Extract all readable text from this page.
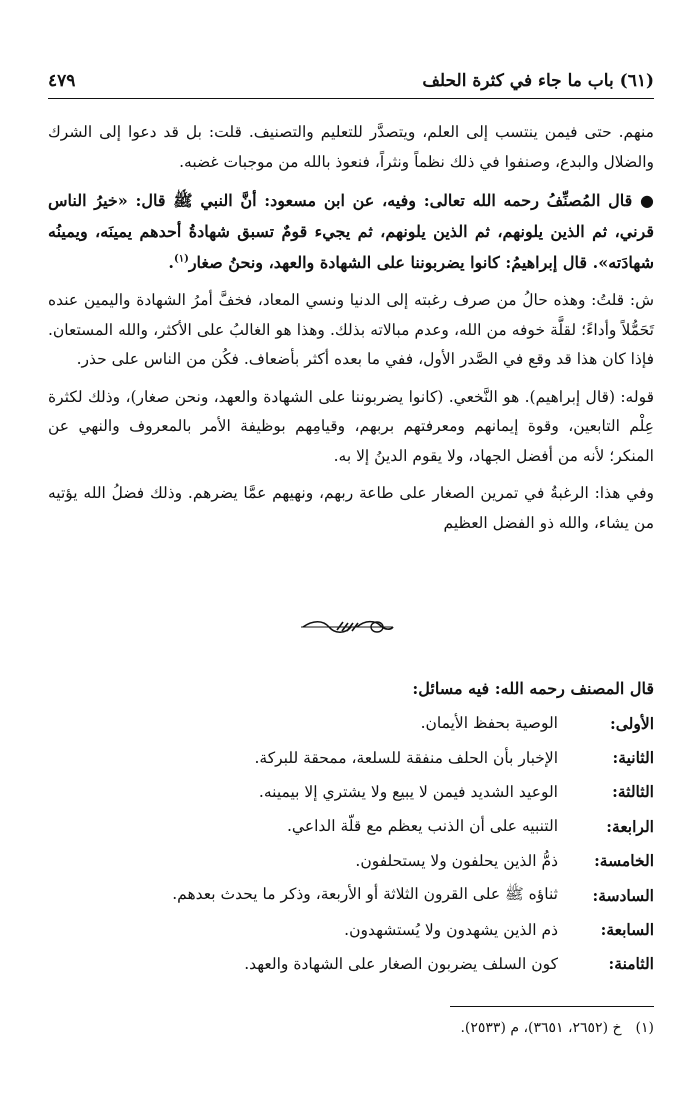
(٦١) باب ما جاء في كثرة الحلف
٤٧٩

منهم. حتى فيمن ينتسب إلى العلم، ويتصدَّر للتعليم والتصنيف. قلت: بل قد دعوا إلى الشرك والضلال والبدع، وصنفوا في ذلك نظماً ونثراً، فنعوذ بالله من موجبات غضبه.

● قال المُصنِّفُ رحمه الله تعالى: وفيه، عن ابن مسعود: أنَّ النبي ﷺ قال: «خيرُ الناس قرني، ثم الذين يلونهم، ثم الذين يلونهم، ثم يجيء قومٌ تسبق شهادةُ أحدهم يمينَه، ويمينُه شهادَته». قال إبراهيمُ: كانوا يضربوننا على الشهادة والعهد، ونحنُ صغار$^{(١)}$.

ش: قلتُ: وهذه حالُ من صرف رغبته إلى الدنيا ونسي المعاد، فخفَّ أمرُ الشهادة واليمين عنده تَحَمُّلاً وأداءً؛ لقلَّة خوفه من الله، وعدم مبالاته بذلك. وهذا هو الغالبُ على الأكثر، والله المستعان. فإذا كان هذا قد وقع في الصَّدر الأول، ففي ما بعده أكثر بأضعاف. فكُن من الناس على حذر.

قوله: (قال إبراهيم). هو النَّخعي. (كانوا يضربوننا على الشهادة والعهد، ونحن صغار)، وذلك لكثرة عِلْم التابعين، وقوة إيمانهم ومعرفتهم بربهم، وقيامِهم بوظيفة الأمر بالمعروف والنهي عن المنكر؛ لأنه من أفضل الجهاد، ولا يقوم الدينُ إلا به.

وفي هذا: الرغبةُ في تمرين الصغار على طاعة ربهم، ونهيهم عمَّا يضرهم. وذلك فضلُ الله يؤتيه من يشاء، والله ذو الفضل العظيم

قال المصنف رحمه الله: فيه مسائل:
الأولى:
الوصية بحفظ الأيمان.
الثانية:
الإخبار بأن الحلف منفقة للسلعة، ممحقة للبركة.
الثالثة:
الوعيد الشديد فيمن لا يبيع ولا يشتري إلا بيمينه.
الرابعة:
التنبيه على أن الذنب يعظم مع قلّة الداعي.
الخامسة:
ذمُّ الذين يحلفون ولا يستحلفون.
السادسة:
ثناؤه ﷺ على القرون الثلاثة أو الأربعة، وذكر ما يحدث بعدهم.
السابعة:
ذم الذين يشهدون ولا يُستشهدون.
الثامنة:
كون السلف يضربون الصغار على الشهادة والعهد.
(١)خ (٢٦٥٢، ٣٦٥١)، م (٢٥٣٣).
